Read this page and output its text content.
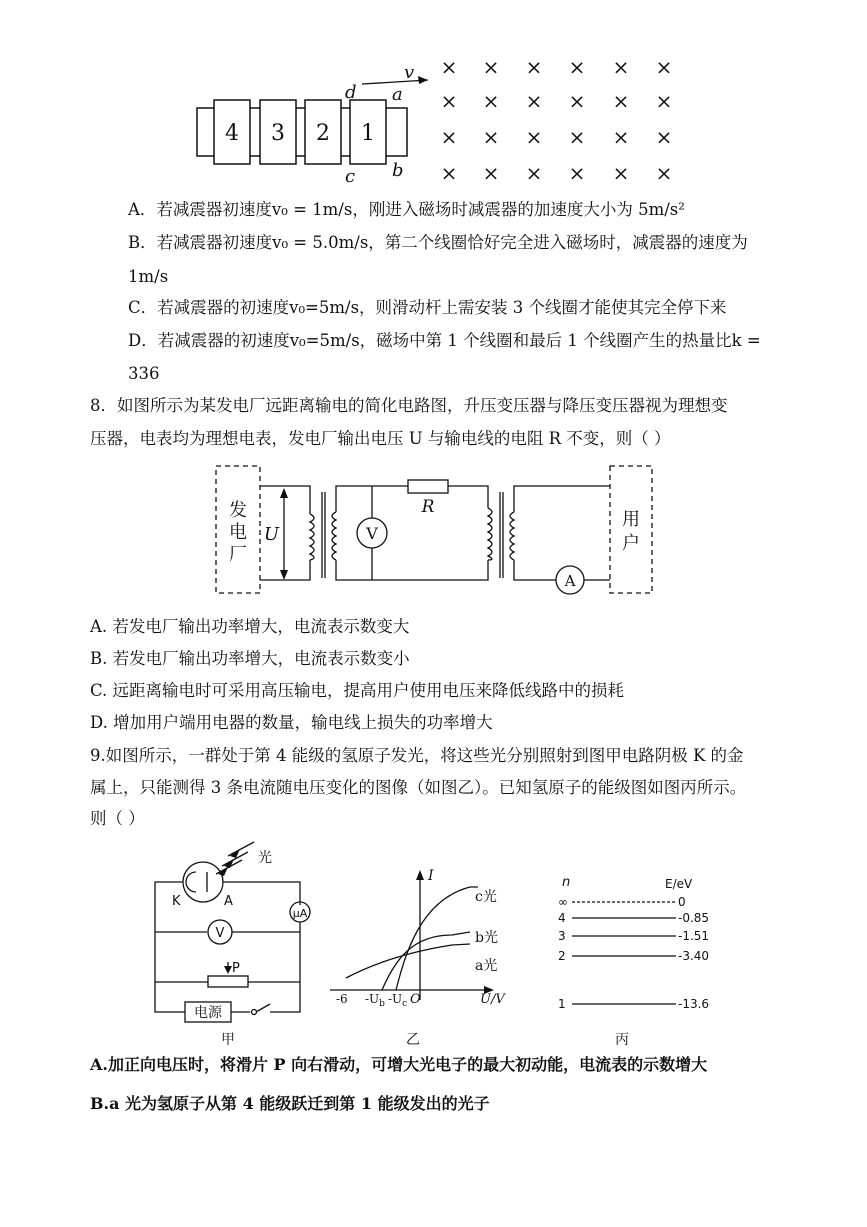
4 3 2 1
v
d a
c b
× × × × × ×
× × × × × ×
× × × × × ×
× × × × × ×
A．若减震器初速度v₀ = 1m/s，刚进入磁场时减震器的加速度大小为 5m/s²
B．若减震器初速度v₀ = 5.0m/s，第二个线圈恰好完全进入磁场时，减震器的速度为
1m/s
C．若减震器的初速度v₀=5m/s，则滑动杆上需安装 3 个线圈才能使其完全停下来
D．若减震器的初速度v₀=5m/s，磁场中第 1 个线圈和最后 1 个线圈产生的热量比k =
336
8．如图所示为某发电厂远距离输电的简化电路图，升压变压器与降压变压器视为理想变
压器，电表均为理想电表，发电厂输出电压 U 与输电线的电阻 R 不变，则（ ）
发
电
厂
用
户
U	V
R
A
A. 若发电厂输出功率增大，电流表示数变大
B. 若发电厂输出功率增大，电流表示数变小
C. 远距离输电时可采用高压输电，提高用户使用电压来降低线路中的损耗
D. 增加用户端用电器的数量，输电线上损失的功率增大
9.如图所示，一群处于第 4 能级的氢原子发光，将这些光分别照射到图甲电路阴极 K 的金
属上，只能测得 3 条电流随电压变化的图像（如图乙）。已知氢原子的能级图如图丙所示。
则（ ）
光
K	A
μA
V
P
电源
甲
I
c光
b光
a光
-6 $-U_b$ $-U_c$ O	U/V
乙
n	E/eV
∞	0
4	-0.85
3	-1.51
2	-3.40
1	-13.6
丙
A.加正向电压时，将滑片 P 向右滑动，可增大光电子的最大初动能，电流表的示数增大
B.a 光为氢原子从第 4 能级跃迁到第 1 能级发出的光子
